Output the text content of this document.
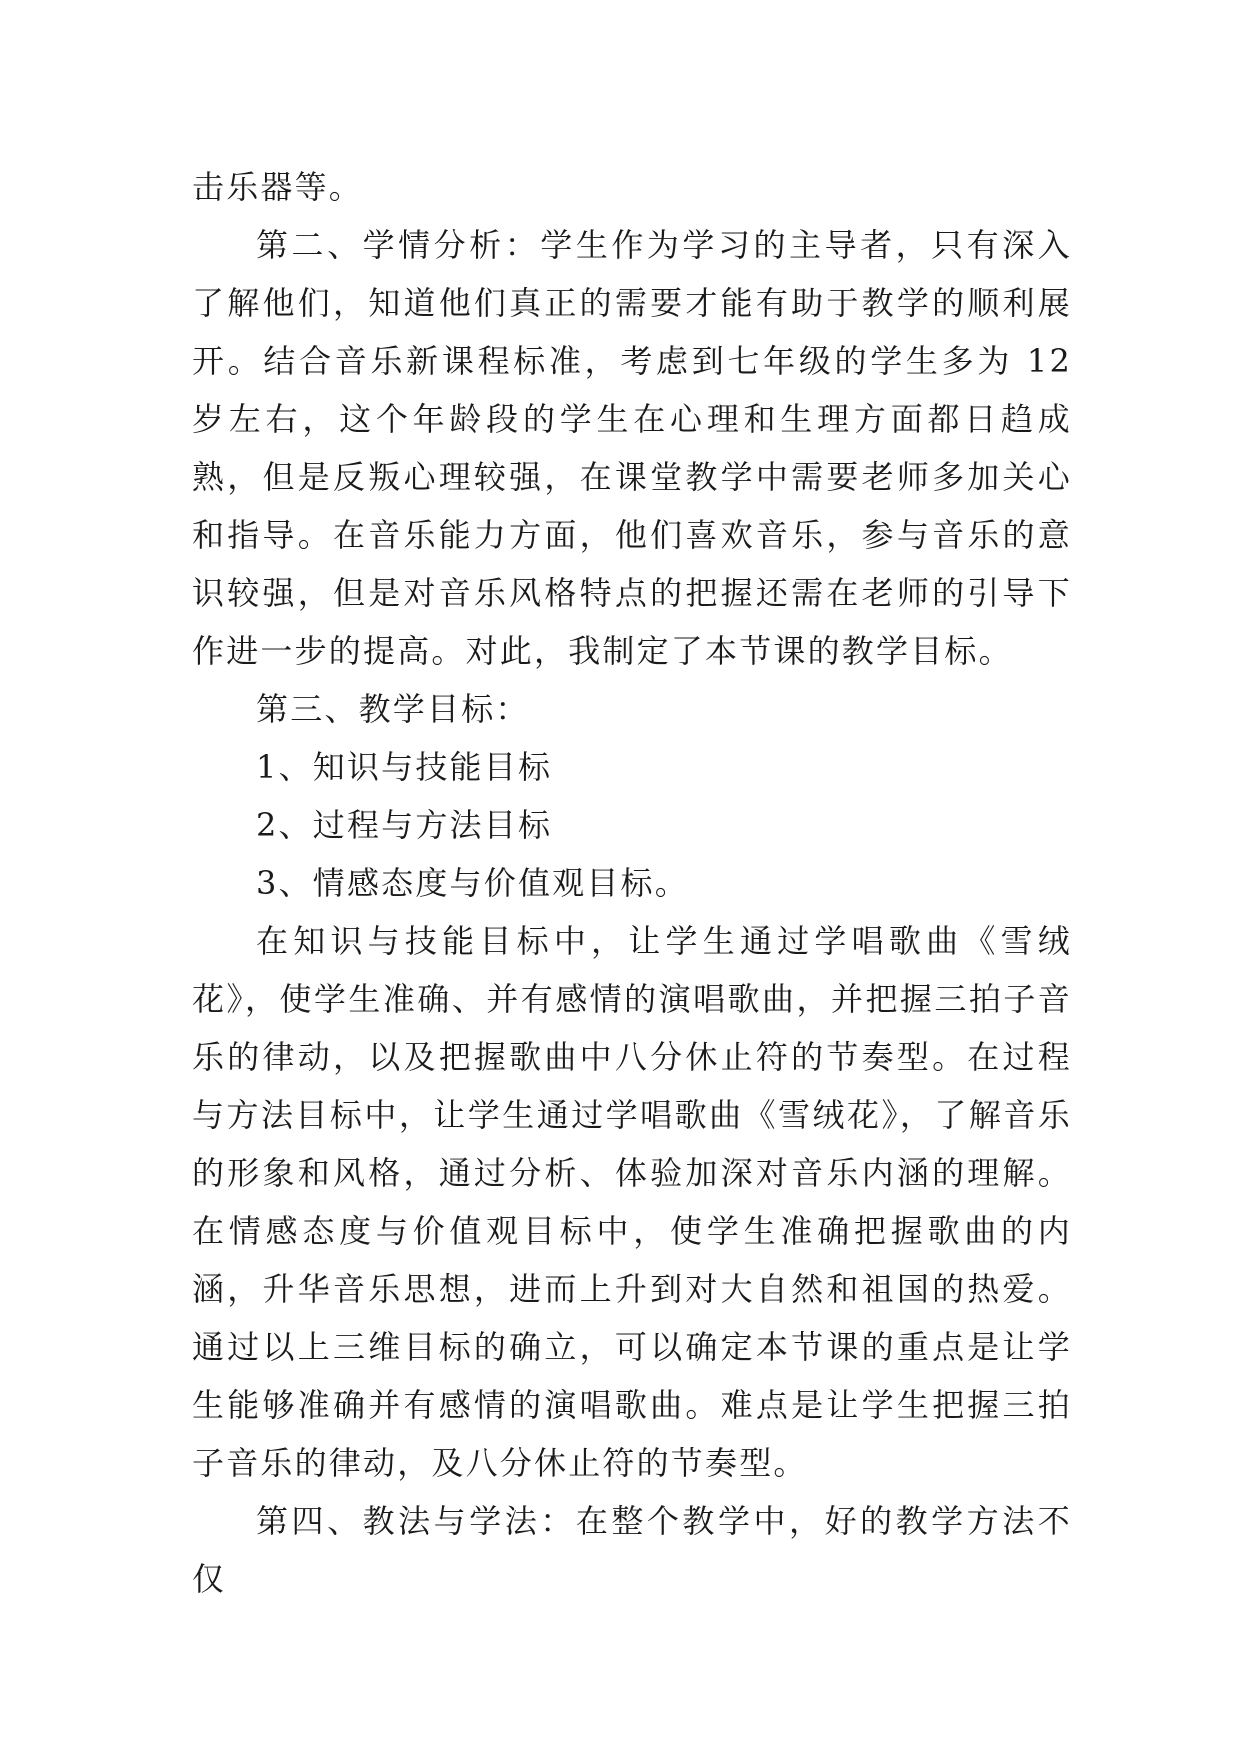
击乐器等。

第二、学情分析：学生作为学习的主导者，只有深入了解他们，知道他们真正的需要才能有助于教学的顺利展开。结合音乐新课程标准，考虑到七年级的学生多为 12 岁左右，这个年龄段的学生在心理和生理方面都日趋成熟，但是反叛心理较强，在课堂教学中需要老师多加关心和指导。在音乐能力方面，他们喜欢音乐，参与音乐的意识较强，但是对音乐风格特点的把握还需在老师的引导下作进一步的提高。对此，我制定了本节课的教学目标。

第三、教学目标：

1、知识与技能目标

2、过程与方法目标

3、情感态度与价值观目标。

在知识与技能目标中，让学生通过学唱歌曲《雪绒花》，使学生准确、并有感情的演唱歌曲，并把握三拍子音乐的律动，以及把握歌曲中八分休止符的节奏型。在过程与方法目标中，让学生通过学唱歌曲《雪绒花》，了解音乐的形象和风格，通过分析、体验加深对音乐内涵的理解。在情感态度与价值观目标中，使学生准确把握歌曲的内涵，升华音乐思想，进而上升到对大自然和祖国的热爱。通过以上三维目标的确立，可以确定本节课的重点是让学生能够准确并有感情的演唱歌曲。难点是让学生把握三拍子音乐的律动，及八分休止符的节奏型。

第四、教法与学法：在整个教学中，好的教学方法不仅
